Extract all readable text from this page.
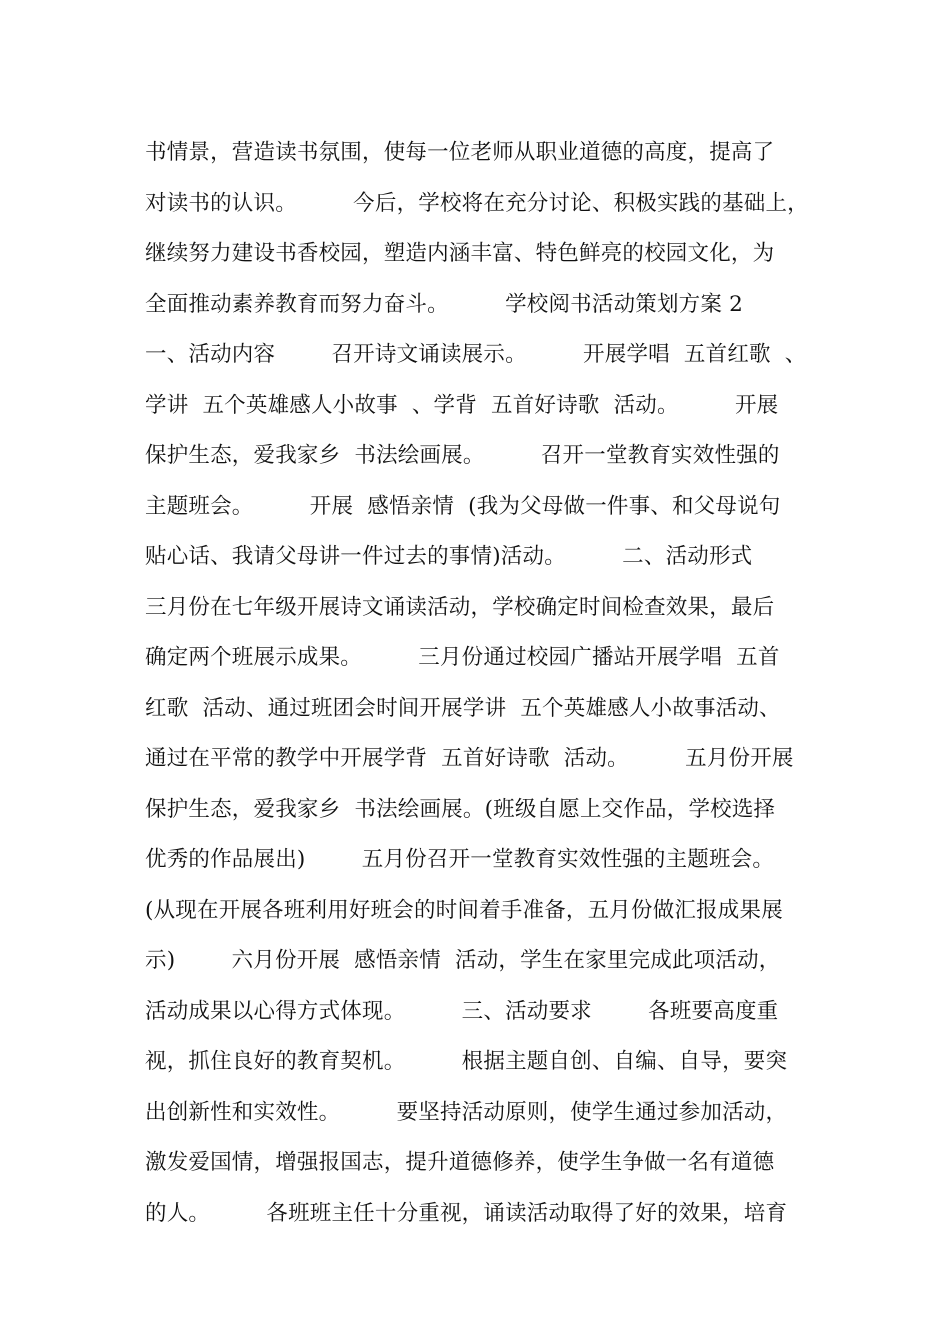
书情景，营造读书氛围，使每一位老师从职业道德的高度，提高了
对读书的认识。        今后，学校将在充分讨论、积极实践的基础上，
继续努力建设书香校园，塑造内涵丰富、特色鲜亮的校园文化，为
全面推动素养教育而努力奋斗。        学校阅书活动策划方案 2
一、活动内容        召开诗文诵读展示。        开展学唱  五首红歌  、
学讲  五个英雄感人小故事  、学背  五首好诗歌  活动。        开展
保护生态，爱我家乡  书法绘画展。        召开一堂教育实效性强的
主题班会。        开展  感悟亲情  (我为父母做一件事、和父母说句
贴心话、我请父母讲一件过去的事情)活动。        二、活动形式
三月份在七年级开展诗文诵读活动，学校确定时间检查效果，最后
确定两个班展示成果。        三月份通过校园广播站开展学唱  五首
红歌  活动、通过班团会时间开展学讲  五个英雄感人小故事活动、
通过在平常的教学中开展学背  五首好诗歌  活动。        五月份开展
保护生态，爱我家乡  书法绘画展。(班级自愿上交作品，学校选择
优秀的作品展出)        五月份召开一堂教育实效性强的主题班会。
(从现在开展各班利用好班会的时间着手准备，五月份做汇报成果展
示)        六月份开展  感悟亲情  活动，学生在家里完成此项活动，
活动成果以心得方式体现。        三、活动要求        各班要高度重
视，抓住良好的教育契机。        根据主题自创、自编、自导，要突
出创新性和实效性。        要坚持活动原则，使学生通过参加活动，
激发爱国情，增强报国志，提升道德修养，使学生争做一名有道德
的人。        各班班主任十分重视，诵读活动取得了好的效果，培育
